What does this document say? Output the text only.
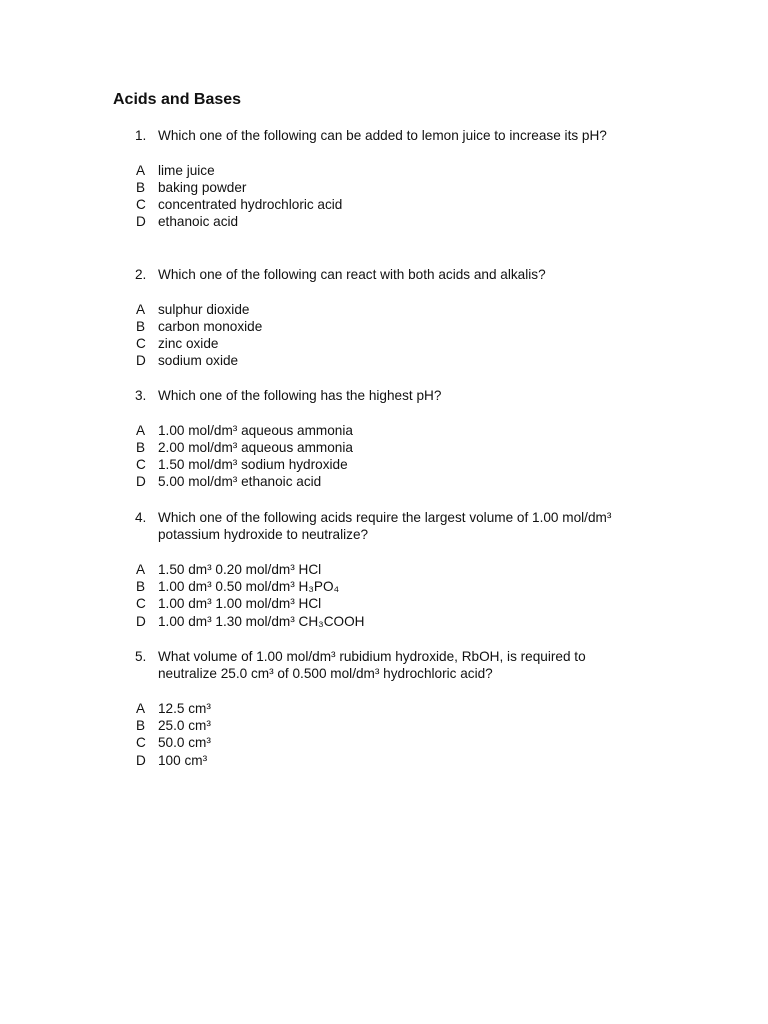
Acids and Bases
1. Which one of the following can be added to lemon juice to increase its pH?
A lime juice
B baking powder
C concentrated hydrochloric acid
D ethanoic acid
2. Which one of the following can react with both acids and alkalis?
A sulphur dioxide
B carbon monoxide
C zinc oxide
D sodium oxide
3. Which one of the following has the highest pH?
A 1.00 mol/dm³ aqueous ammonia
B 2.00 mol/dm³ aqueous ammonia
C 1.50 mol/dm³ sodium hydroxide
D 5.00 mol/dm³ ethanoic acid
4. Which one of the following acids require the largest volume of 1.00 mol/dm³ potassium hydroxide to neutralize?
A 1.50 dm³ 0.20 mol/dm³ HCl
B 1.00 dm³ 0.50 mol/dm³ H₃PO₄
C 1.00 dm³ 1.00 mol/dm³ HCl
D 1.00 dm³ 1.30 mol/dm³ CH₃COOH
5. What volume of 1.00 mol/dm³ rubidium hydroxide, RbOH, is required to neutralize 25.0 cm³ of 0.500 mol/dm³ hydrochloric acid?
A 12.5 cm³
B 25.0 cm³
C 50.0 cm³
D 100 cm³
